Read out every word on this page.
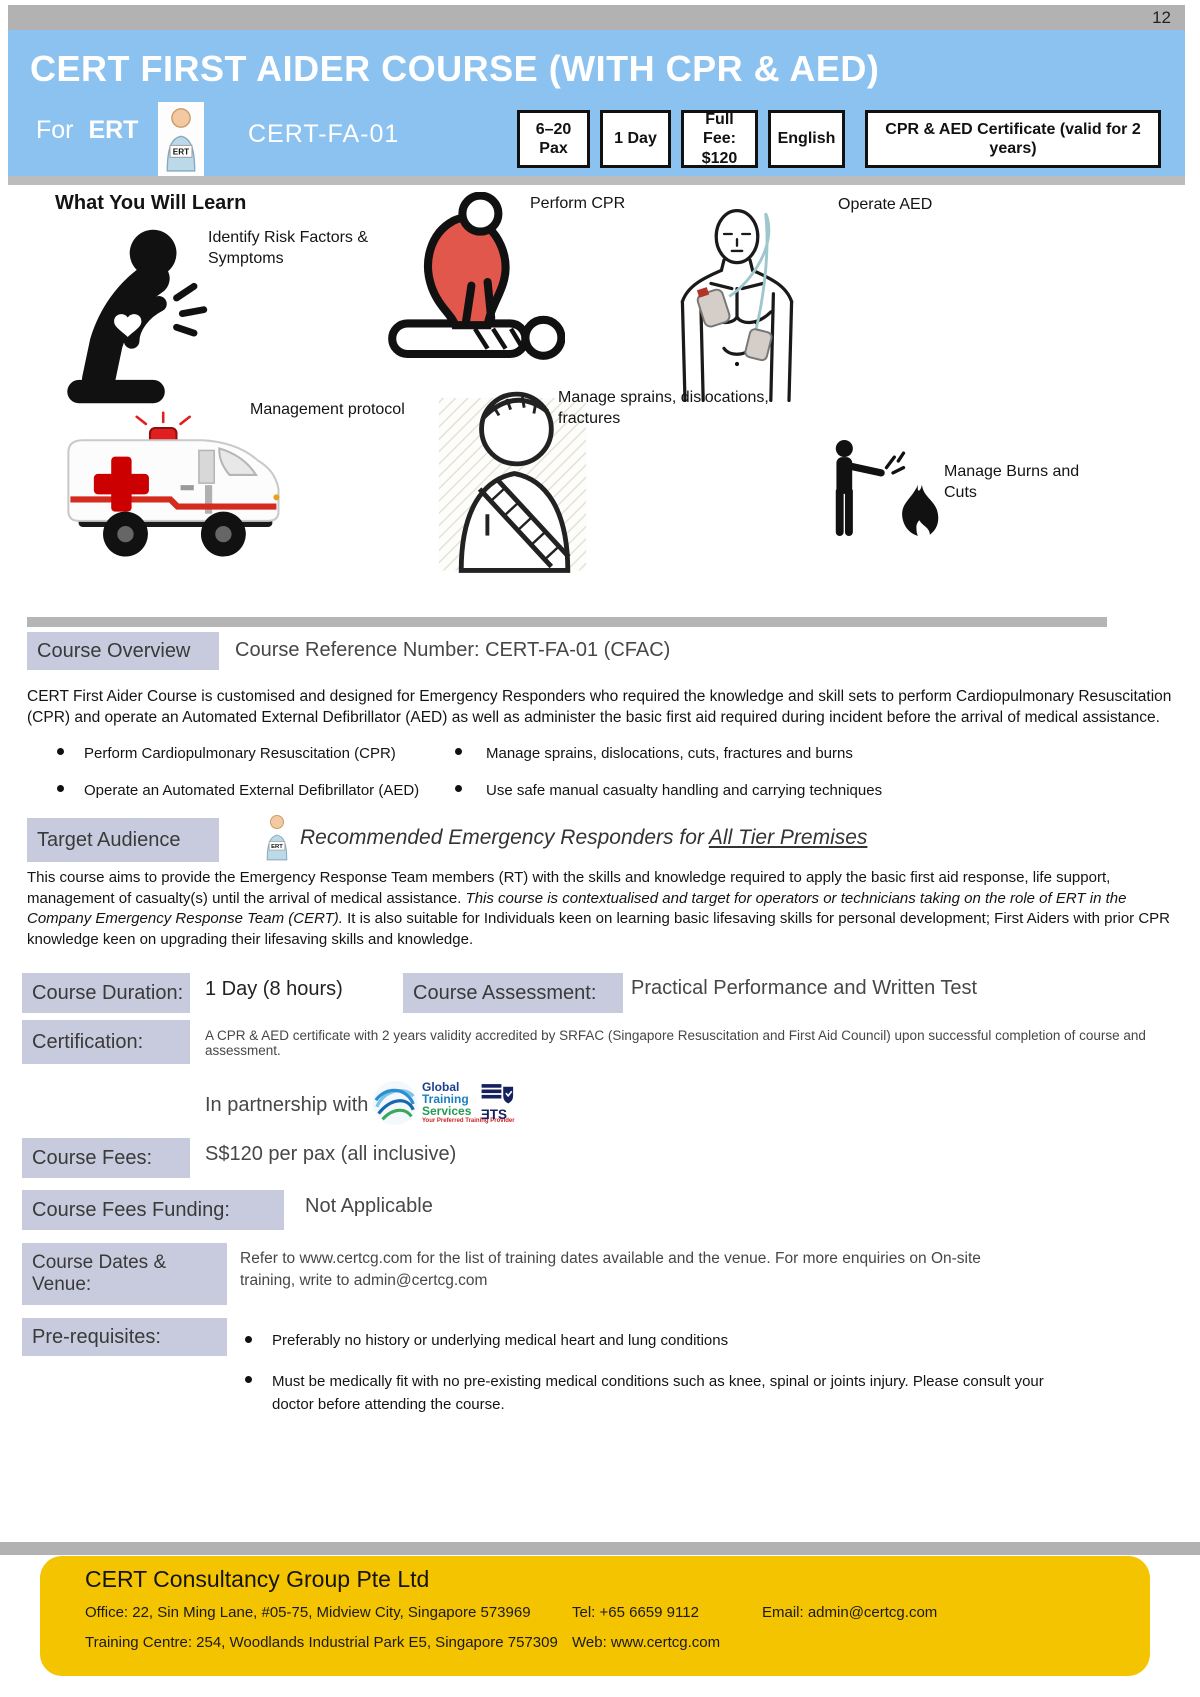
12
CERT FIRST AIDER COURSE (WITH CPR & AED)
For ERT
ERT
CERT-FA-01	6–20 Pax
1 Day
Full Fee: $120
English
CPR & AED Certificate (valid for 2 years)
What You Will Learn
Identify Risk Factors & Symptoms
Perform CPR	Operate AED
Management protocol
Manage sprains, dislocations, fractures
Manage Burns and Cuts
Course Overview	Course Reference Number: CERT-FA-01 (CFAC)
CERT First Aider Course is customised and designed for Emergency Responders who required the knowledge and skill sets to perform Cardiopulmonary Resuscitation (CPR) and operate an Automated External Defibrillator (AED) as well as administer the basic first aid required during incident before the arrival of medical assistance.
Perform Cardiopulmonary Resuscitation (CPR)	Manage sprains, dislocations, cuts, fractures and burns
Operate an Automated External Defibrillator (AED)	Use safe manual casualty handling and carrying techniques
Target Audience	ERT Recommended Emergency Responders for All Tier Premises
This course aims to provide the Emergency Response Team members (RT) with the skills and knowledge required to apply the basic first aid response, life support, management of casualty(s) until the arrival of medical assistance. This course is contextualised and target for operators or technicians taking on the role of ERT in the Company Emergency Response Team (CERT). It is also suitable for Individuals keen on learning basic lifesaving skills for personal development; First Aiders with prior CPR knowledge keen on upgrading their lifesaving skills and knowledge.
Course Duration:	1 Day (8 hours)	Course Assessment:	Practical Performance and Written Test
Certification:	A CPR & AED certificate with 2 years validity accredited by SRFAC (Singapore Resuscitation and First Aid Council) upon successful completion of course and assessment.
In partnership with
Global
Training
Services
Your Preferred Training Provider
ƎTS
Course Fees:	S$120 per pax (all inclusive)
Course Fees Funding:	Not Applicable
Course Dates & Venue:
Refer to www.certcg.com for the list of training dates available and the venue. For more enquiries on On-site training, write to admin@certcg.com
Pre-requisites:	Preferably no history or underlying medical heart and lung conditions
Must be medically fit with no pre-existing medical conditions such as knee, spinal or joints injury. Please consult your doctor before attending the course.
CERT Consultancy Group Pte Ltd
Office: 22, Sin Ming Lane, #05-75, Midview City, Singapore 573969
Training Centre: 254, Woodlands Industrial Park E5, Singapore 757309
Tel: +65 6659 9112	Email: admin@certcg.com
Web: www.certcg.com
